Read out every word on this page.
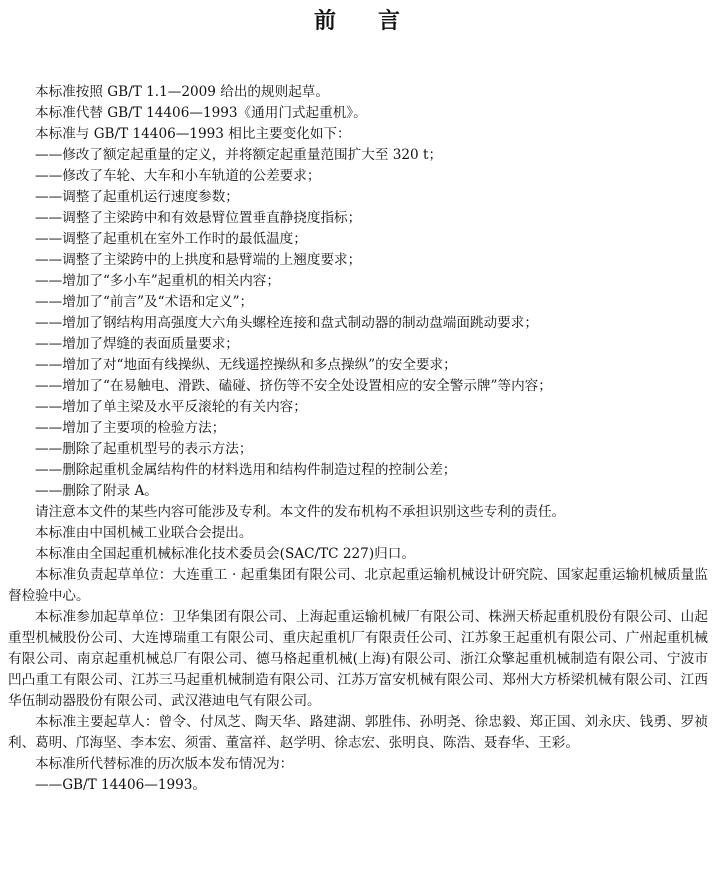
前言

本标准按照 GB/T 1.1—2009 给出的规则起草。

本标准代替 GB/T 14406—1993《通用门式起重机》。

本标准与 GB/T 14406—1993 相比主要变化如下：

——修改了额定起重量的定义，并将额定起重量范围扩大至 320 t；

——修改了车轮、大车和小车轨道的公差要求；

——调整了起重机运行速度参数；

——调整了主梁跨中和有效悬臂位置垂直静挠度指标；

——调整了起重机在室外工作时的最低温度；

——调整了主梁跨中的上拱度和悬臂端的上翘度要求；

——增加了“多小车”起重机的相关内容；

——增加了“前言”及“术语和定义”；

——增加了钢结构用高强度大六角头螺栓连接和盘式制动器的制动盘端面跳动要求；

——增加了焊缝的表面质量要求；

——增加了对“地面有线操纵、无线遥控操纵和多点操纵”的安全要求；

——增加了“在易触电、滑跌、磕碰、挤伤等不安全处设置相应的安全警示牌”等内容；

——增加了单主梁及水平反滚轮的有关内容；

——增加了主要项的检验方法；

——删除了起重机型号的表示方法；

——删除起重机金属结构件的材料选用和结构件制造过程的控制公差；

——删除了附录 A。

请注意本文件的某些内容可能涉及专利。本文件的发布机构不承担识别这些专利的责任。

本标准由中国机械工业联合会提出。

本标准由全国起重机械标准化技术委员会(SAC/TC 227)归口。

本标准负责起草单位：大连重工 · 起重集团有限公司、北京起重运输机械设计研究院、国家起重运输机械质量监督检验中心。

本标准参加起草单位：卫华集团有限公司、上海起重运输机械厂有限公司、株洲天桥起重机股份有限公司、山起重型机械股份公司、大连博瑞重工有限公司、重庆起重机厂有限责任公司、江苏象王起重机有限公司、广州起重机械有限公司、南京起重机械总厂有限公司、德马格起重机械(上海)有限公司、浙江众擎起重机械制造有限公司、宁波市凹凸重工有限公司、江苏三马起重机械制造有限公司、江苏万富安机械有限公司、郑州大方桥梁机械有限公司、江西华伍制动器股份有限公司、武汉港迪电气有限公司。

本标准主要起草人：曾令、付凤芝、陶天华、路建湖、郭胜伟、孙明尧、徐忠毅、郑正国、刘永庆、钱勇、罗祯利、葛明、邝海坚、李本宏、须雷、董富祥、赵学明、徐志宏、张明良、陈浩、聂春华、王彩。

本标准所代替标准的历次版本发布情况为：

——GB/T 14406—1993。
